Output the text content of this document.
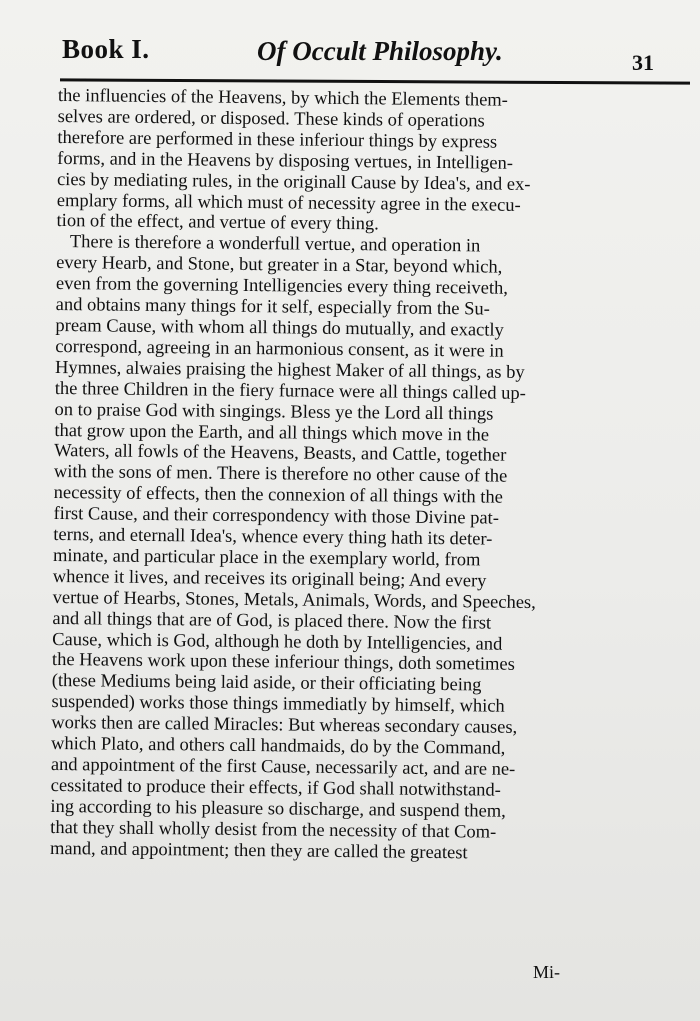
Book I.	Of Occult Philosophy.	31
the influencies of the Heavens, by which the Elements them-
selves are ordered, or disposed. These kinds of operations
therefore are performed in these inferiour things by express
forms, and in the Heavens by disposing vertues, in Intelligen-
cies by mediating rules, in the originall Cause by Idea's, and ex-
emplary forms, all which must of necessity agree in the execu-
tion of the effect, and vertue of every thing.
There is therefore a wonderfull vertue, and operation in
every Hearb, and Stone, but greater in a Star, beyond which,
even from the governing Intelligencies every thing receiveth,
and obtains many things for it self, especially from the Su-
pream Cause, with whom all things do mutually, and exactly
correspond, agreeing in an harmonious consent, as it were in
Hymnes, alwaies praising the highest Maker of all things, as by
the three Children in the fiery furnace were all things called up-
on to praise God with singings. Bless ye the Lord all things
that grow upon the Earth, and all things which move in the
Waters, all fowls of the Heavens, Beasts, and Cattle, together
with the sons of men. There is therefore no other cause of the
necessity of effects, then the connexion of all things with the
first Cause, and their correspondency with those Divine pat-
terns, and eternall Idea's, whence every thing hath its deter-
minate, and particular place in the exemplary world, from
whence it lives, and receives its originall being; And every
vertue of Hearbs, Stones, Metals, Animals, Words, and Speeches,
and all things that are of God, is placed there. Now the first
Cause, which is God, although he doth by Intelligencies, and
the Heavens work upon these inferiour things, doth sometimes
(these Mediums being laid aside, or their officiating being
suspended) works those things immediatly by himself, which
works then are called Miracles: But whereas secondary causes,
which Plato, and others call handmaids, do by the Command,
and appointment of the first Cause, necessarily act, and are ne-
cessitated to produce their effects, if God shall notwithstand-
ing according to his pleasure so discharge, and suspend them,
that they shall wholly desist from the necessity of that Com-
mand, and appointment; then they are called the greatest
Mi-
